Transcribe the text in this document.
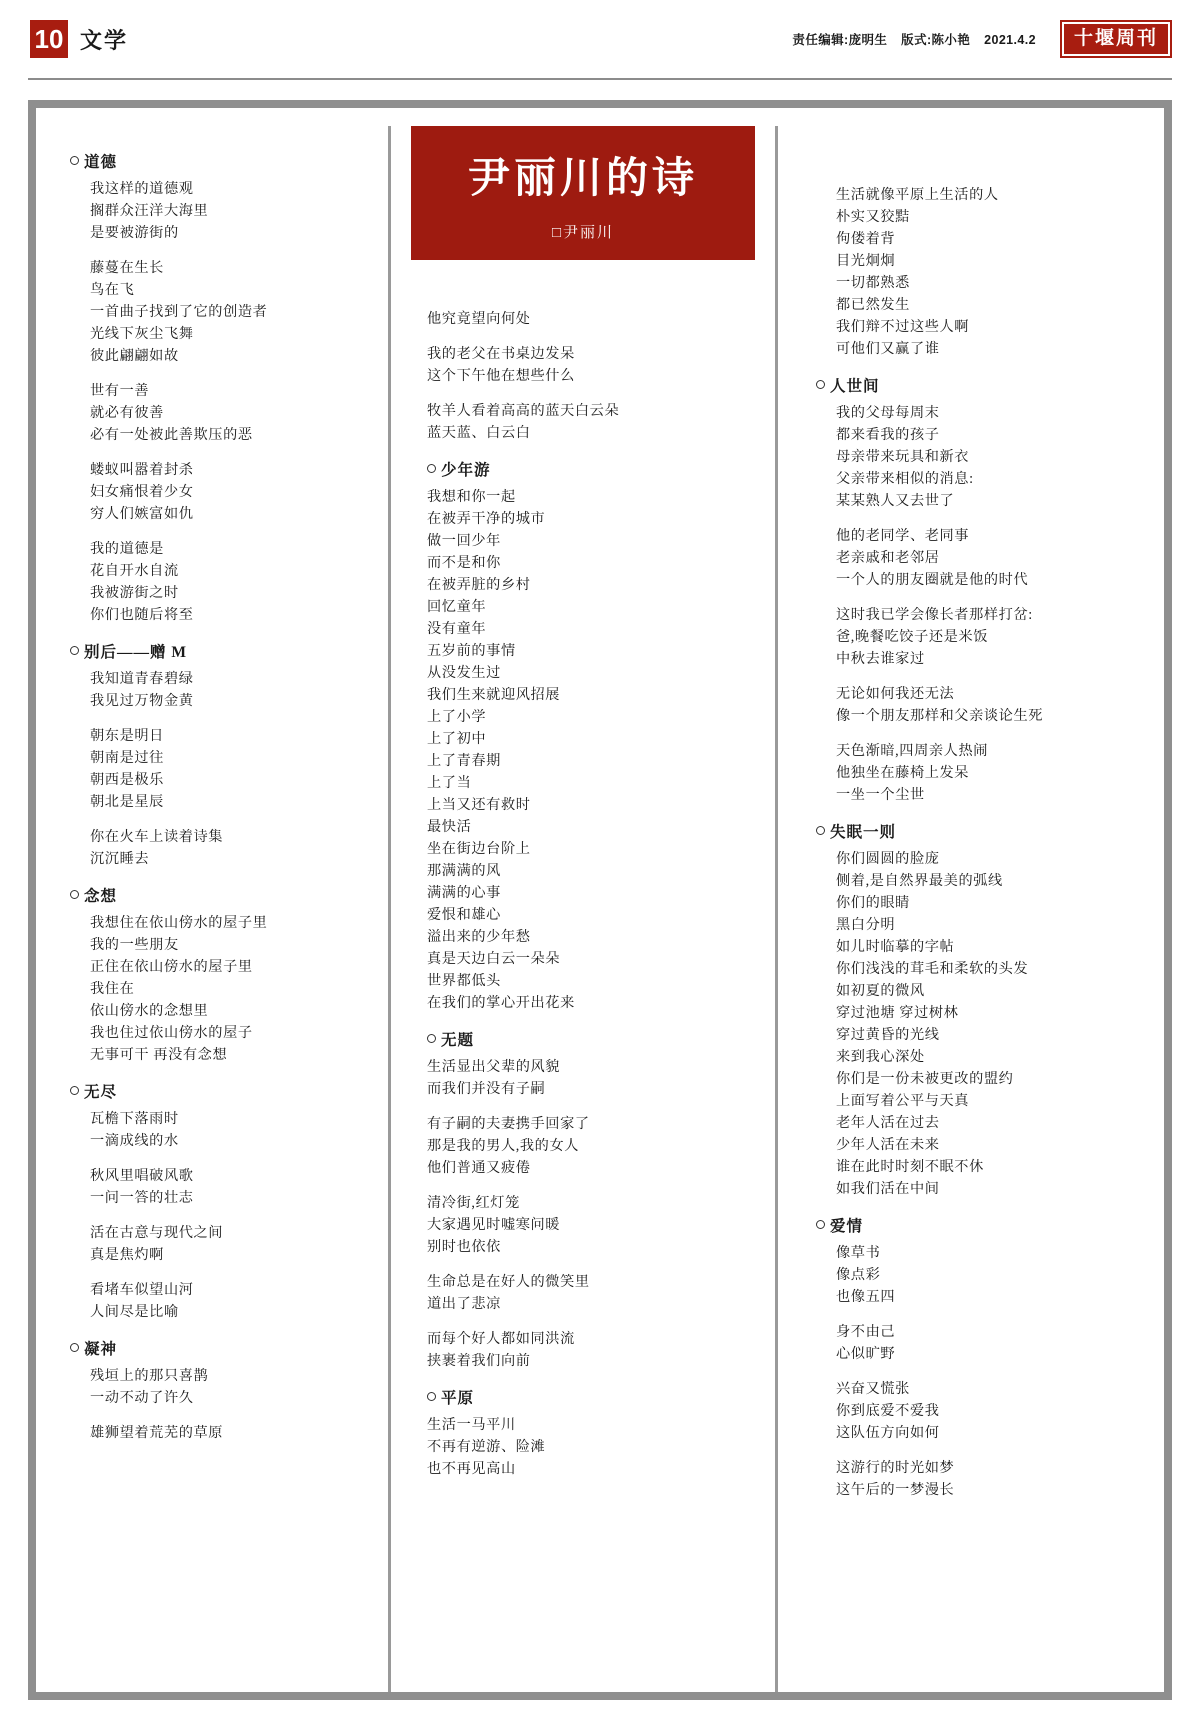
10 文学	责任编辑:庞明生 版式:陈小艳 2021.4.2	十堰周刊
道德
我这样的道德观
搁群众汪洋大海里
是要被游街的
藤蔓在生长
鸟在飞
一首曲子找到了它的创造者
光线下灰尘飞舞
彼此翩翩如故
世有一善
就必有彼善
必有一处被此善欺压的恶
蝼蚁叫嚣着封杀
妇女痛恨着少女
穷人们嫉富如仇
我的道德是
花自开水自流
我被游街之时
你们也随后将至
别后——赠 M
我知道青春碧绿
我见过万物金黄
朝东是明日
朝南是过往
朝西是极乐
朝北是星辰
你在火车上读着诗集
沉沉睡去
念想
我想住在依山傍水的屋子里
我的一些朋友
正住在依山傍水的屋子里
我住在
依山傍水的念想里
我也住过依山傍水的屋子
无事可干 再没有念想
无尽
瓦檐下落雨时
一滴成线的水
秋风里唱破风歌
一问一答的壮志
活在古意与现代之间
真是焦灼啊
看堵车似望山河
人间尽是比喻
凝神
残垣上的那只喜鹊
一动不动了许久
雄狮望着荒芜的草原
尹丽川的诗
□尹丽川
他究竟望向何处
我的老父在书桌边发呆
这个下午他在想些什么
牧羊人看着高高的蓝天白云朵
蓝天蓝、白云白
少年游
我想和你一起
在被弄干净的城市
做一回少年
而不是和你
在被弄脏的乡村
回忆童年
没有童年
五岁前的事情
从没发生过
我们生来就迎风招展
上了小学
上了初中
上了青春期
上了当
上当又还有救时
最快活
坐在街边台阶上
那满满的风
满满的心事
爱恨和雄心
溢出来的少年愁
真是天边白云一朵朵
世界都低头
在我们的掌心开出花来
无题
生活显出父辈的风貌
而我们并没有子嗣
有子嗣的夫妻携手回家了
那是我的男人,我的女人
他们普通又疲倦
清冷街,红灯笼
大家遇见时嘘寒问暖
别时也依依
生命总是在好人的微笑里
道出了悲凉
而每个好人都如同洪流
挟裹着我们向前
平原
生活一马平川
不再有逆游、险滩
也不再见高山
生活就像平原上生活的人
朴实又狡黠
佝偻着背
目光炯炯
一切都熟悉
都已然发生
我们辩不过这些人啊
可他们又赢了谁
人世间
我的父母每周末
都来看我的孩子
母亲带来玩具和新衣
父亲带来相似的消息:
某某熟人又去世了
他的老同学、老同事
老亲戚和老邻居
一个人的朋友圈就是他的时代
这时我已学会像长者那样打岔:
爸,晚餐吃饺子还是米饭
中秋去谁家过
无论如何我还无法
像一个朋友那样和父亲谈论生死
天色渐暗,四周亲人热闹
他独坐在藤椅上发呆
一坐一个尘世
失眠一则
你们圆圆的脸庞
侧着,是自然界最美的弧线
你们的眼睛
黑白分明
如儿时临摹的字帖
你们浅浅的茸毛和柔软的头发
如初夏的微风
穿过池塘 穿过树林
穿过黄昏的光线
来到我心深处
你们是一份未被更改的盟约
上面写着公平与天真
老年人活在过去
少年人活在未来
谁在此时时刻不眠不休
如我们活在中间
爱情
像草书
像点彩
也像五四
身不由己
心似旷野
兴奋又慌张
你到底爱不爱我
这队伍方向如何
这游行的时光如梦
这午后的一梦漫长
